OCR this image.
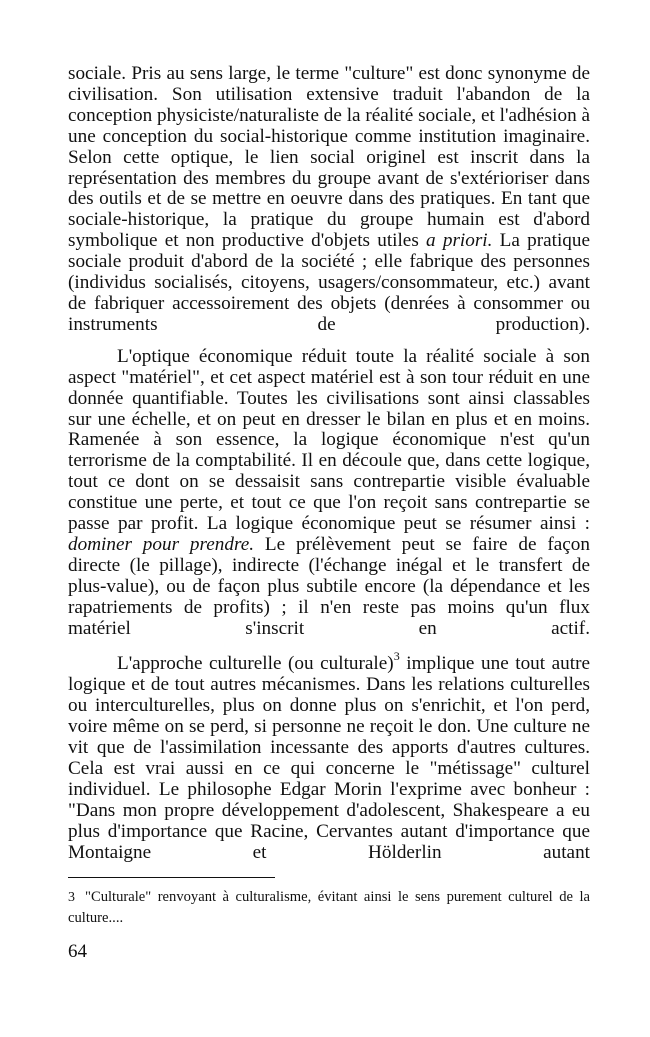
sociale. Pris au sens large, le terme "culture" est donc synonyme de civilisation. Son utilisation extensive traduit l'abandon de la conception physiciste/naturaliste de la réalité sociale, et l'adhésion à une conception du social-historique comme institution imaginaire. Selon cette optique, le lien social originel est inscrit dans la représentation des membres du groupe avant de s'extérioriser dans des outils et de se mettre en oeuvre dans des pratiques. En tant que sociale-historique, la pratique du groupe humain est d'abord symbolique et non productive d'objets utiles a priori. La pratique sociale produit d'abord de la société ; elle fabrique des personnes (individus socialisés, citoyens, usagers/consommateur, etc.) avant de fabriquer accessoirement des objets (denrées à consommer ou instruments de production).

L'optique économique réduit toute la réalité sociale à son aspect "matériel", et cet aspect matériel est à son tour réduit en une donnée quantifiable. Toutes les civilisations sont ainsi classables sur une échelle, et on peut en dresser le bilan en plus et en moins. Ramenée à son essence, la logique économique n'est qu'un terrorisme de la comptabilité. Il en découle que, dans cette logique, tout ce dont on se dessaisit sans contrepartie visible évaluable constitue une perte, et tout ce que l'on reçoit sans contrepartie se passe par profit. La logique économique peut se résumer ainsi : dominer pour prendre. Le prélèvement peut se faire de façon directe (le pillage), indirecte (l'échange inégal et le transfert de plus-value), ou de façon plus subtile encore (la dépendance et les rapatriements de profits) ; il n'en reste pas moins qu'un flux matériel s'inscrit en actif.

L'approche culturelle (ou culturale)$^3$ implique une tout autre logique et de tout autres mécanismes. Dans les relations culturelles ou interculturelles, plus on donne plus on s'enrichit, et l'on perd, voire même on se perd, si personne ne reçoit le don. Une culture ne vit que de l'assimilation incessante des apports d'autres cultures. Cela est vrai aussi en ce qui concerne le "métissage" culturel individuel. Le philosophe Edgar Morin l'exprime avec bonheur : "Dans mon propre développement d'adolescent, Shakespeare a eu plus d'importance que Racine, Cervantes autant d'importance que Montaigne et Hölderlin autant

3 "Culturale" renvoyant à culturalisme, évitant ainsi le sens purement culturel de la culture....
64
